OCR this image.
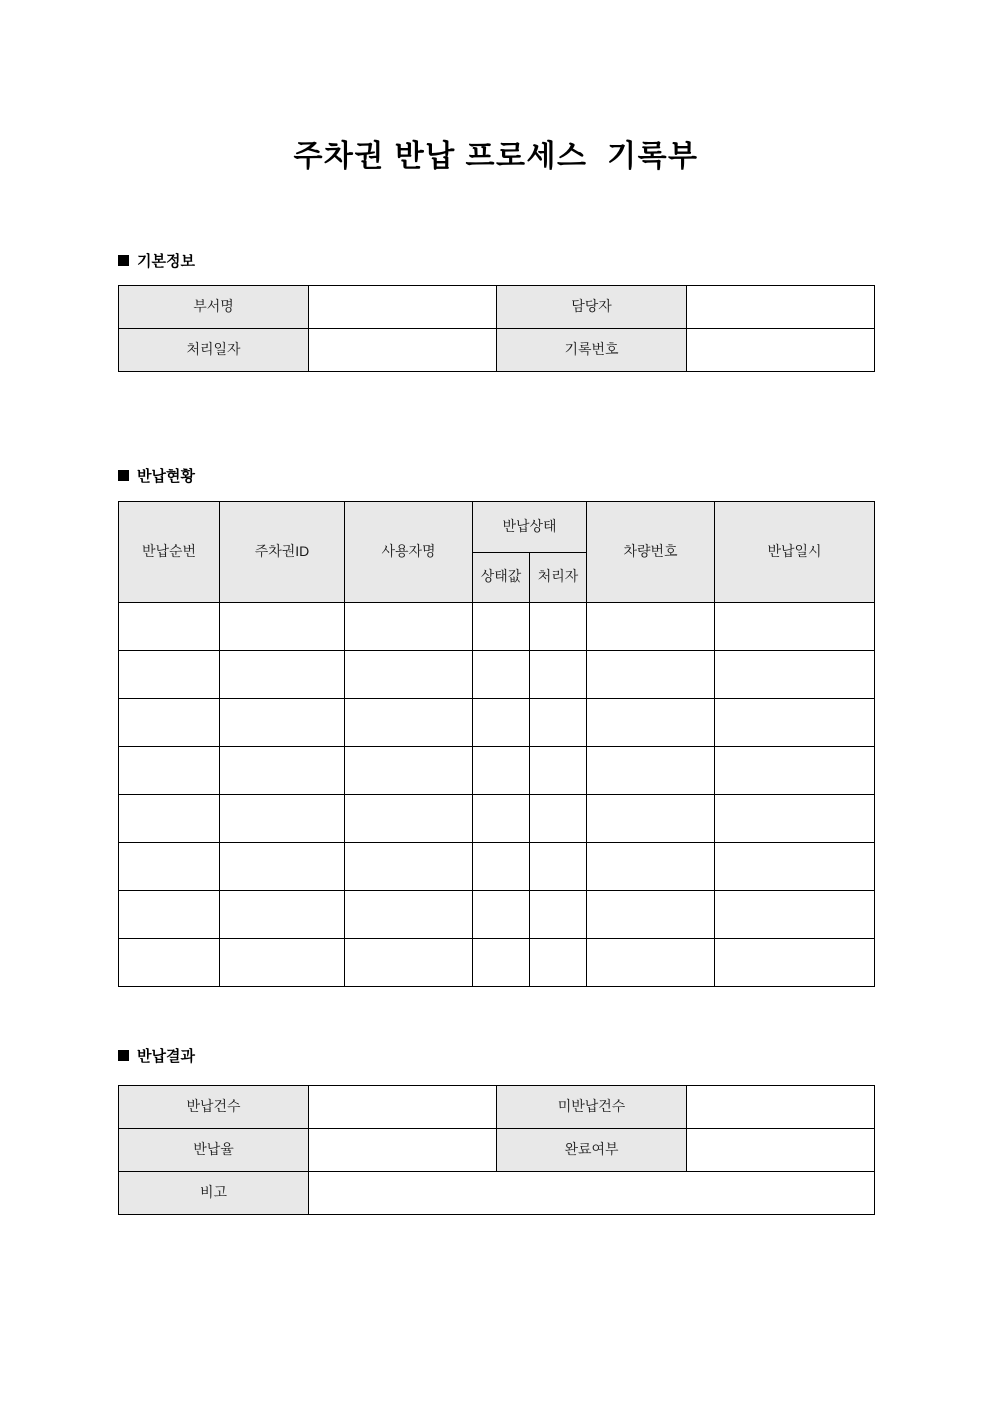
주차권 반납 프로세스  기록부
기본정보
부서명		담당자	
처리일자		기록번호	
반납현황
반납순번	주차권ID	사용자명	반납상태		차량번호	반납일시
			상태값	처리자		

반납결과
반납건수		미반납건수	
반납율		완료여부	
비고			
